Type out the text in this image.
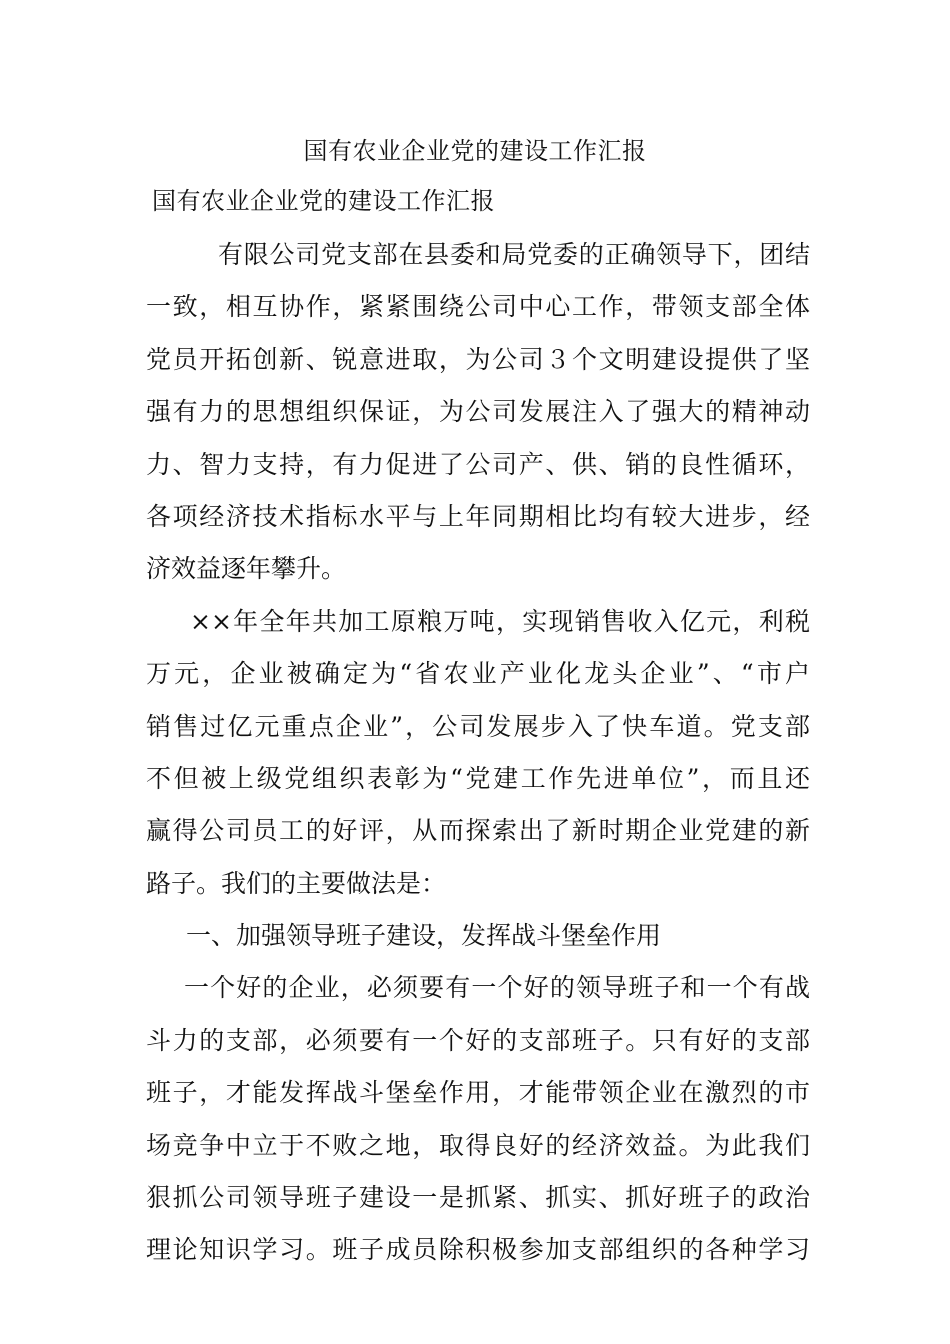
国有农业企业党的建设工作汇报
国有农业企业党的建设工作汇报
有限公司党支部在县委和局党委的正确领导下，团结
一致，相互协作，紧紧围绕公司中心工作，带领支部全体
党员开拓创新、锐意进取，为公司３个文明建设提供了坚
强有力的思想组织保证，为公司发展注入了强大的精神动
力、智力支持，有力促进了公司产、供、销的良性循环，
各项经济技术指标水平与上年同期相比均有较大进步，经
济效益逐年攀升。
××年全年共加工原粮万吨，实现销售收入亿元，利税
万元，企业被确定为“省农业产业化龙头企业”、“市户
销售过亿元重点企业”，公司发展步入了快车道。党支部
不但被上级党组织表彰为“党建工作先进单位”，而且还
赢得公司员工的好评，从而探索出了新时期企业党建的新
路子。我们的主要做法是：
一、加强领导班子建设，发挥战斗堡垒作用
一个好的企业，必须要有一个好的领导班子和一个有战
斗力的支部，必须要有一个好的支部班子。只有好的支部
班子，才能发挥战斗堡垒作用，才能带领企业在激烈的市
场竞争中立于不败之地，取得良好的经济效益。为此我们
狠抓公司领导班子建设一是抓紧、抓实、抓好班子的政治
理论知识学习。班子成员除积极参加支部组织的各种学习
